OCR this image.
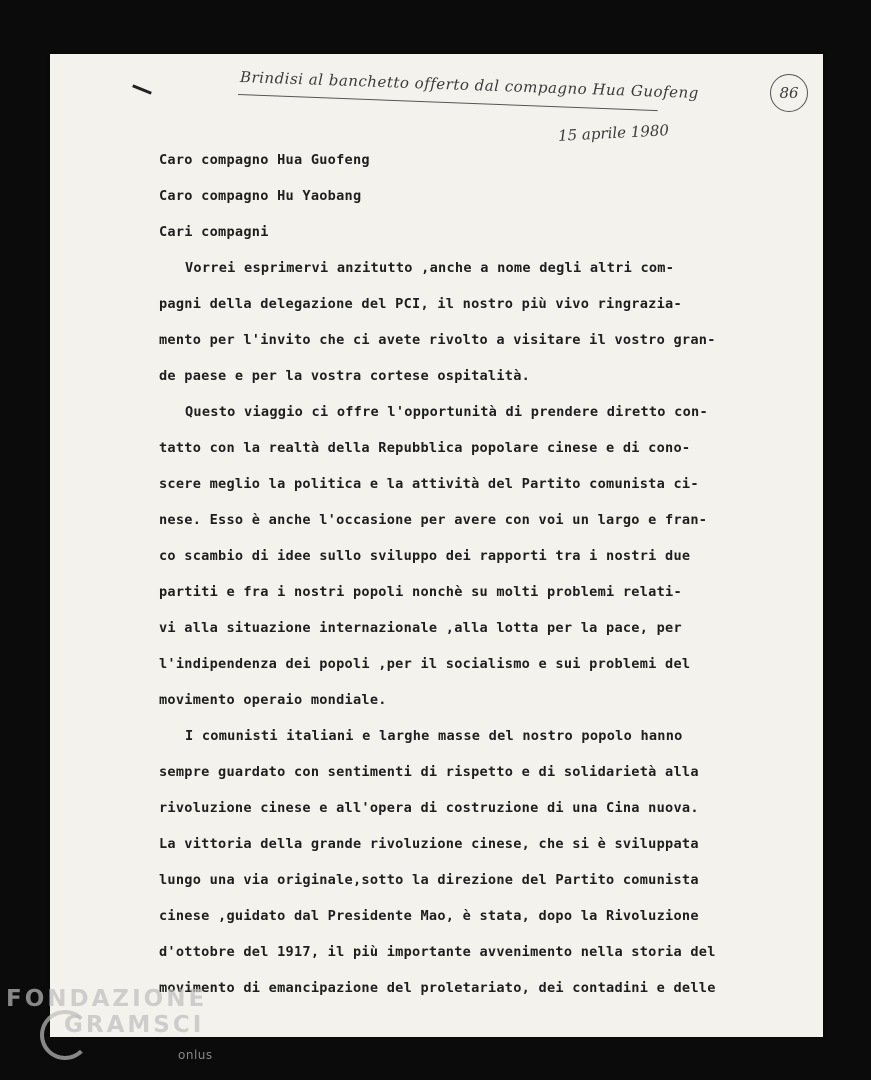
Brindisi al banchetto offerto dal compagno Hua Guofeng
15 aprile 1980
86

Caro compagno Hua Guofeng

Caro compagno Hu Yaobang

Cari compagni

Vorrei esprimervi anzitutto ,anche a nome degli altri com-

pagni della delegazione del PCI, il nostro più vivo ringrazia-

mento per l'invito che ci avete rivolto a visitare il vostro gran-

de paese e per la vostra cortese ospitalità.

Questo viaggio ci offre l'opportunità di prendere diretto con-

tatto con la realtà della Repubblica popolare cinese e di cono-

scere meglio la politica e la attività del Partito comunista ci-

nese. Esso è anche l'occasione per avere con voi un largo e fran-

co scambio di idee sullo sviluppo dei rapporti tra i nostri due

partiti e fra i nostri popoli nonchè su molti problemi relati-

vi alla situazione internazionale ,alla lotta per la pace, per

l'indipendenza dei popoli ,per il socialismo e sui problemi del

movimento operaio mondiale.

I comunisti italiani e larghe masse del nostro popolo hanno

sempre guardato con sentimenti di rispetto e di solidarietà alla

rivoluzione cinese e all'opera di costruzione di una Cina nuova.

La vittoria della grande rivoluzione cinese, che si è sviluppata

lungo una via originale,sotto la direzione del Partito comunista

cinese ,guidato dal Presidente Mao, è stata, dopo la Rivoluzione

d'ottobre del 1917, il più importante avvenimento nella storia del

movimento di emancipazione del proletariato, dei contadini e delle

FONDAZIONE
GRAMSCI
onlus
